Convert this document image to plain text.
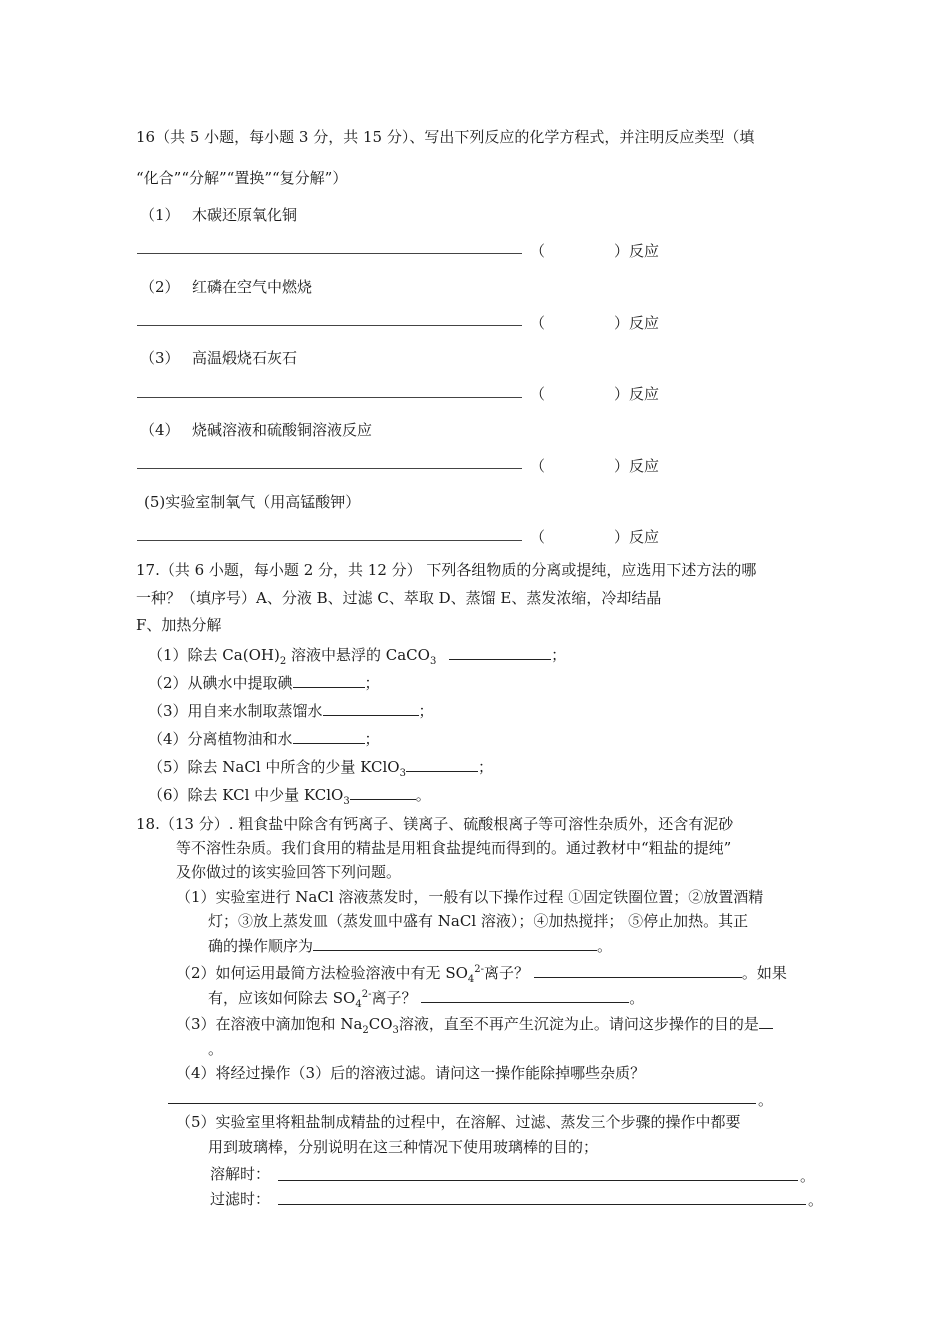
16（共 5 小题，每小题 3 分，共 15 分）、写出下列反应的化学方程式，并注明反应类型（填
“化合”“分解”“置换”“复分解”）
（1） 木碳还原氧化铜
（	）反应
（2） 红磷在空气中燃烧
（	）反应
（3） 高温煅烧石灰石
（	）反应
（4） 烧碱溶液和硫酸铜溶液反应
（	）反应
(5)实验室制氧气（用高锰酸钾）
（	）反应
17.（共 6 小题，每小题 2 分，共 12 分） 下列各组物质的分离或提纯，应选用下述方法的哪
一种？（填序号）A、分液 B、过滤 C、萃取 D、蒸馏 E、蒸发浓缩，冷却结晶
F、加热分解
（1）除去 $Ca(OH)_2$ 溶液中悬浮的 CaCO$_3$	；
（2）从碘水中提取碘	；
（3）用自来水制取蒸馏水	；
（4）分离植物油和水	；
（5）除去 NaCl 中所含的少量 KClO$_3$	；
（6）除去 KCl 中少量 KClO$_3$	。
18.（13 分）. 粗食盐中除含有钙离子、镁离子、硫酸根离子等可溶性杂质外，还含有泥砂
等不溶性杂质。我们食用的精盐是用粗食盐提纯而得到的。通过教材中“粗盐的提纯”
及你做过的该实验回答下列问题。
（1）实验室进行 NaCl 溶液蒸发时，一般有以下操作过程 ①固定铁圈位置；②放置酒精
灯；③放上蒸发皿（蒸发皿中盛有 NaCl 溶液）；④加热搅拌； ⑤停止加热。其正
确的操作顺序为	。
（2）如何运用最简方法检验溶液中有无 $SO_4^{2-}$离子？	。如果
有，应该如何除去 $SO_4^{2-}$离子？	。
（3）在溶液中滴加饱和 $Na_2CO_3$溶液，直至不再产生沉淀为止。请问这步操作的目的是
。
（4）将经过操作（3）后的溶液过滤。请问这一操作能除掉哪些杂质？
。
（5）实验室里将粗盐制成精盐的过程中，在溶解、过滤、蒸发三个步骤的操作中都要
用到玻璃棒，分别说明在这三种情况下使用玻璃棒的目的；
溶解时：	。
过滤时：	。
